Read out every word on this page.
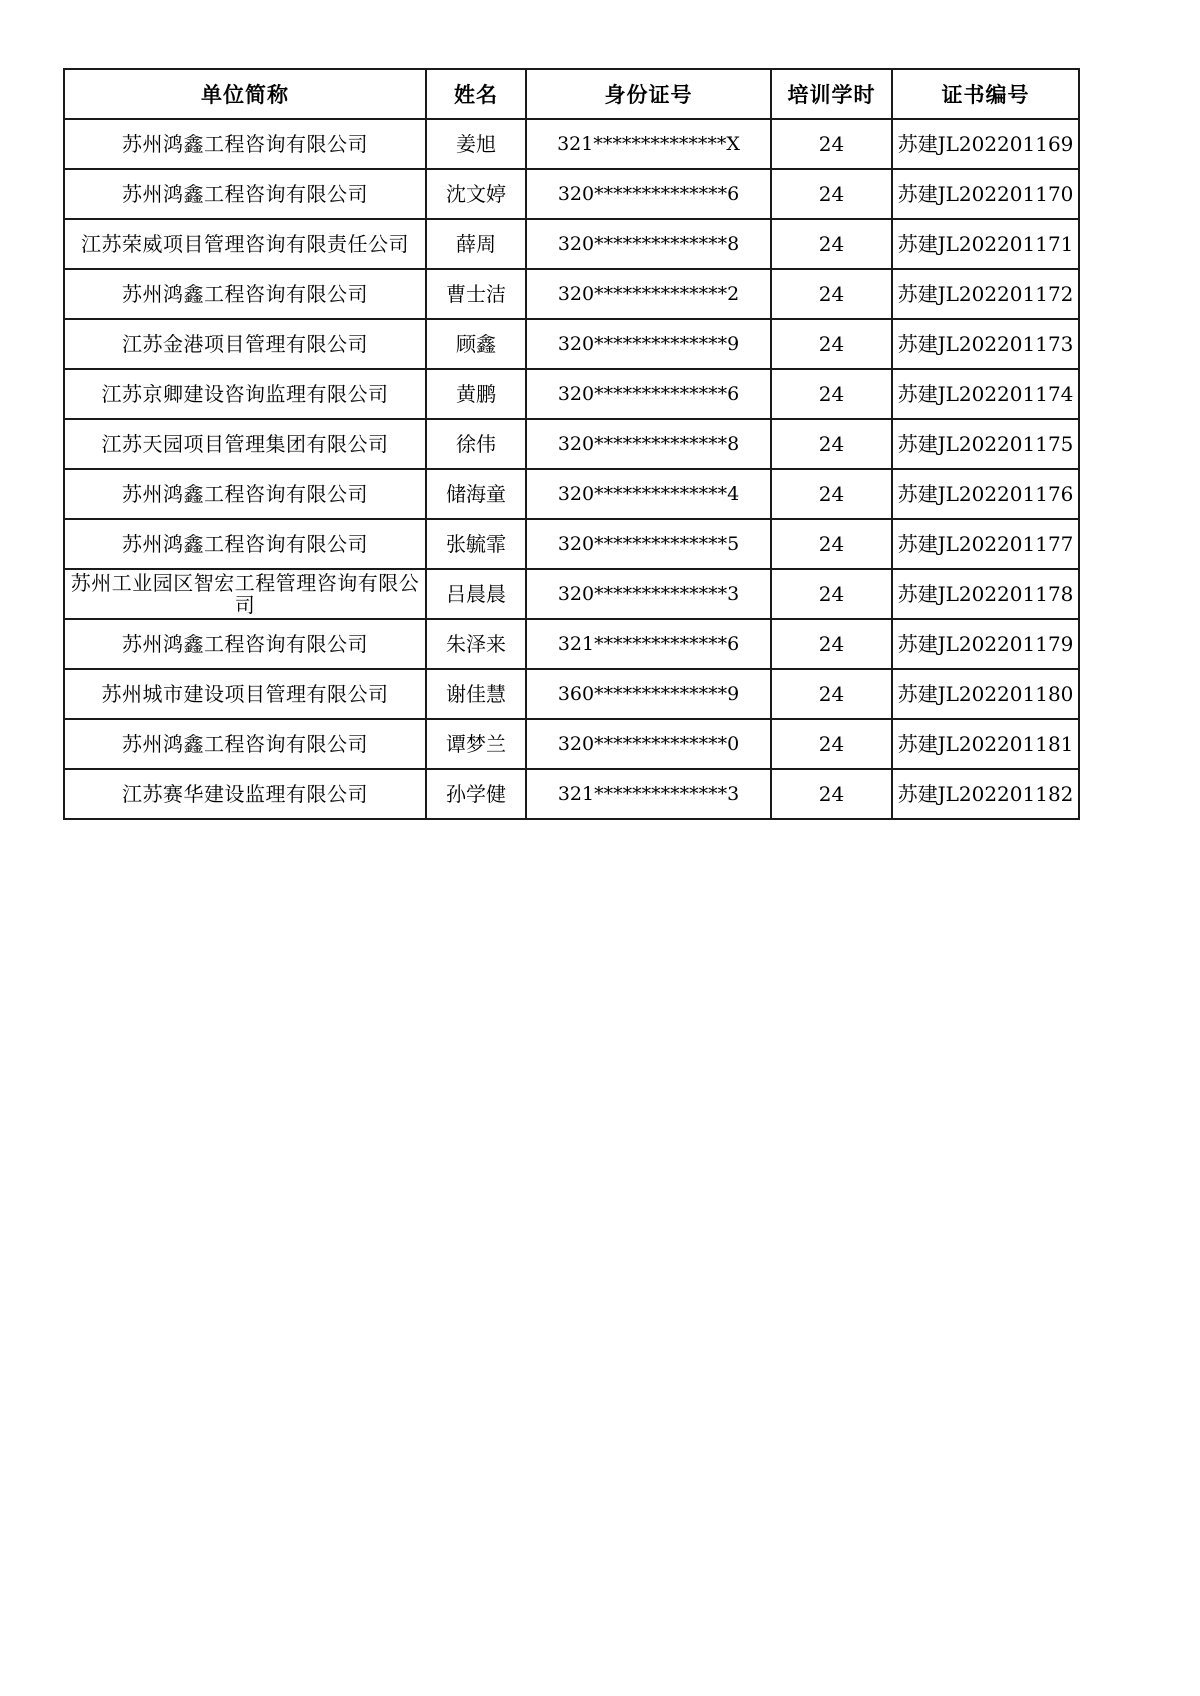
单位简称	姓名	身份证号	培训学时	证书编号
苏州鸿鑫工程咨询有限公司	姜旭	321**************X	24	苏建JL202201169
苏州鸿鑫工程咨询有限公司	沈文婷	320**************6	24	苏建JL202201170
江苏荣威项目管理咨询有限责任公司	薛周	320**************8	24	苏建JL202201171
苏州鸿鑫工程咨询有限公司	曹士洁	320**************2	24	苏建JL202201172
江苏金港项目管理有限公司	顾鑫	320**************9	24	苏建JL202201173
江苏京卿建设咨询监理有限公司	黄鹏	320**************6	24	苏建JL202201174
江苏天园项目管理集团有限公司	徐伟	320**************8	24	苏建JL202201175
苏州鸿鑫工程咨询有限公司	储海童	320**************4	24	苏建JL202201176
苏州鸿鑫工程咨询有限公司	张毓霏	320**************5	24	苏建JL202201177
苏州工业园区智宏工程管理咨询有限公司	吕晨晨	320**************3	24	苏建JL202201178
苏州鸿鑫工程咨询有限公司	朱泽来	321**************6	24	苏建JL202201179
苏州城市建设项目管理有限公司	谢佳慧	360**************9	24	苏建JL202201180
苏州鸿鑫工程咨询有限公司	谭梦兰	320**************0	24	苏建JL202201181
江苏赛华建设监理有限公司	孙学健	321**************3	24	苏建JL202201182
